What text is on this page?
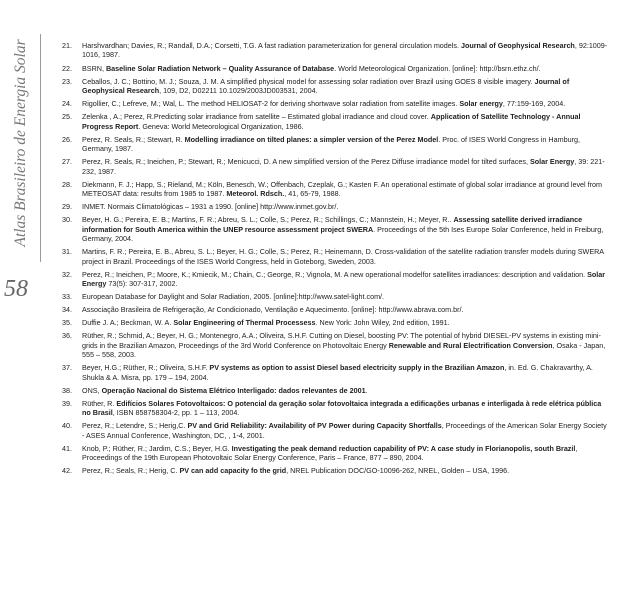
Atlas Brasileiro de Energia Solar
58
21. Harshvardhan; Davies, R.; Randall, D.A.; Corsetti, T.G. A fast radiation parameterization for general circulation models. Journal of Geophysical Research, 92:1009-1016, 1987.
22. BSRN, Baseline Solar Radiation Network – Quality Assurance of Database. World Meteorological Organization. [online]: http://bsrn.ethz.ch/.
23. Ceballos, J. C.; Bottino, M. J.; Souza, J. M. A simplified physical model for assessing solar radiation over Brazil using GOES 8 visible imagery. Journal of Geophysical Research, 109, D2, D02211 10.1029/2003JD003531, 2004.
24. Rigollier, C.; Lefreve, M.; Wal, L. The method HELIOSAT-2 for deriving shortwave solar radiation from satellite images. Solar energy, 77:159-169, 2004.
25. Zelenka , A.; Perez, R.Predicting solar irradiance from satellite – Estimated global irradiance and cloud cover. Application of Satellite Technology - Annual Progress Report. Geneva: World Meteorological Organization, 1986.
26. Perez, R. Seals, R.; Stewart, R. Modelling irradiance on tilted planes: a simpler version of the Perez Model. Proc. of ISES World Congress in Hamburg, Germany, 1987.
27. Perez, R. Seals, R.; Ineichen, P.; Stewart, R.; Menicucci, D. A new simplified version of the Perez Diffuse irradiance model for tilted surfaces, Solar Energy, 39: 221-232, 1987.
28. Diekmann, F. J.; Happ, S.; Rieland, M.; Köln, Benesch, W.; Offenbach, Czeplak, G.; Kasten F. An operational estimate of global solar irradiance at ground level from METEOSAT data: results from 1985 to 1987. Meteorol. Rdsch., 41, 65-79, 1988.
29. INMET. Normais Climatológicas – 1931 a 1990. [online] http://www.inmet.gov.br/.
30. Beyer, H. G.; Pereira, E. B.; Martins, F. R.; Abreu, S. L.; Colle, S.; Perez, R.; Schillings, C.; Mannstein, H.; Meyer, R.. Assessing satellite derived irradiance information for South America within the UNEP resource assessment project SWERA. Proceedings of the 5th Ises Europe Solar Conference, held in Freiburg, Germany, 2004.
31. Martins, F. R.; Pereira, E. B., Abreu, S. L.; Beyer, H. G.; Colle, S.; Perez, R.; Heinemann, D. Cross-validation of the satellite radiation transfer models during SWERA project in Brazil. Proceedings of the ISES World Congress, held in Goteborg, Sweden, 2003.
32. Perez, R.; Ineichen, P.; Moore, K.; Kmiecik, M.; Chain, C.; George, R.; Vignola, M. A new operational modelfor satellites irradiances: description and validation. Solar Energy 73(5): 307-317, 2002.
33. European Database for Daylight and Solar Radiation, 2005. [online]:http://www.satel-light.com/.
34. Associação Brasileira de Refrigeração, Ar Condicionado, Ventilação e Aquecimento. [online]: http://www.abrava.com.br/.
35. Duffie J. A.; Beckman, W. A. Solar Engineering of Thermal Processess. New York: John Wiley, 2nd edition, 1991.
36. Rüther, R.; Schmid, A.; Beyer, H. G.; Montenegro, A.A.; Oliveira, S.H.F. Cutting on Diesel, boosting PV: The potential of hybrid DIESEL-PV systems in existing mini-grids in the Brazilian Amazon, Proceedings of the 3rd World Conference on Photovoltaic Energy Renewable and Rural Electrification Conversion, Osaka - Japan, 555 – 558, 2003.
37. Beyer, H.G.; Rüther, R.; Oliveira, S.H.F. PV systems as option to assist Diesel based electricity supply in the Brazilian Amazon, in. Ed. G. Chakravarthy, A. Shukla & A. Misra, pp. 179 – 194, 2004.
38. ONS, Operação Nacional do Sistema Elétrico Interligado: dados relevantes de 2001.
39. Rüther, R. Edifícios Solares Fotovoltaicos: O potencial da geração solar fotovoltaica integrada a edificações urbanas e interligada à rede elétrica pública no Brasil, ISBN 858758304-2, pp. 1 – 113, 2004.
40. Perez, R.; Letendre, S.; Herig,C. PV and Grid Reliability: Availability of PV Power during Capacity Shortfalls, Proceedings of the American Solar Energy Society - ASES Annual Conference, Washington, DC, , 1-4, 2001.
41. Knob, P.; Rüther, R.; Jardim, C.S.; Beyer, H.G. Investigating the peak demand reduction capability of PV: A case study in Florianopolis, south Brazil, Proceedings of the 19th European Photovoltaic Solar Energy Conference, Paris – France, 877 – 890, 2004.
42. Perez, R.; Seals, R.; Herig, C. PV can add capacity fo the grid, NREL Publication DOC/GO-10096-262, NREL, Golden – USA, 1996.
